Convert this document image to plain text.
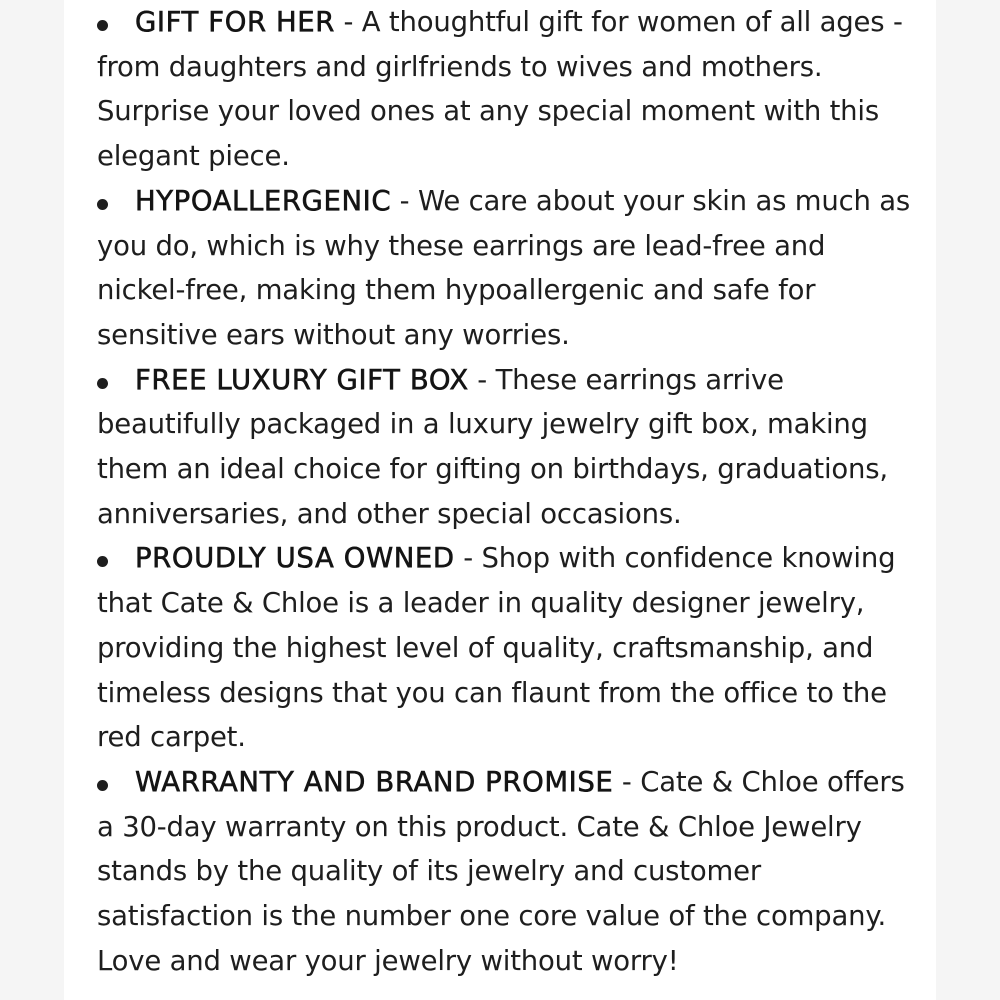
GIFT FOR HER - A thoughtful gift for women of all ages - from daughters and girlfriends to wives and mothers. Surprise your loved ones at any special moment with this elegant piece.
HYPOALLERGENIC - We care about your skin as much as you do, which is why these earrings are lead-free and nickel-free, making them hypoallergenic and safe for sensitive ears without any worries.
FREE LUXURY GIFT BOX - These earrings arrive beautifully packaged in a luxury jewelry gift box, making them an ideal choice for gifting on birthdays, graduations, anniversaries, and other special occasions.
PROUDLY USA OWNED - Shop with confidence knowing that Cate & Chloe is a leader in quality designer jewelry, providing the highest level of quality, craftsmanship, and timeless designs that you can flaunt from the office to the red carpet.
WARRANTY AND BRAND PROMISE - Cate & Chloe offers a 30-day warranty on this product. Cate & Chloe Jewelry stands by the quality of its jewelry and customer satisfaction is the number one core value of the company. Love and wear your jewelry without worry!
